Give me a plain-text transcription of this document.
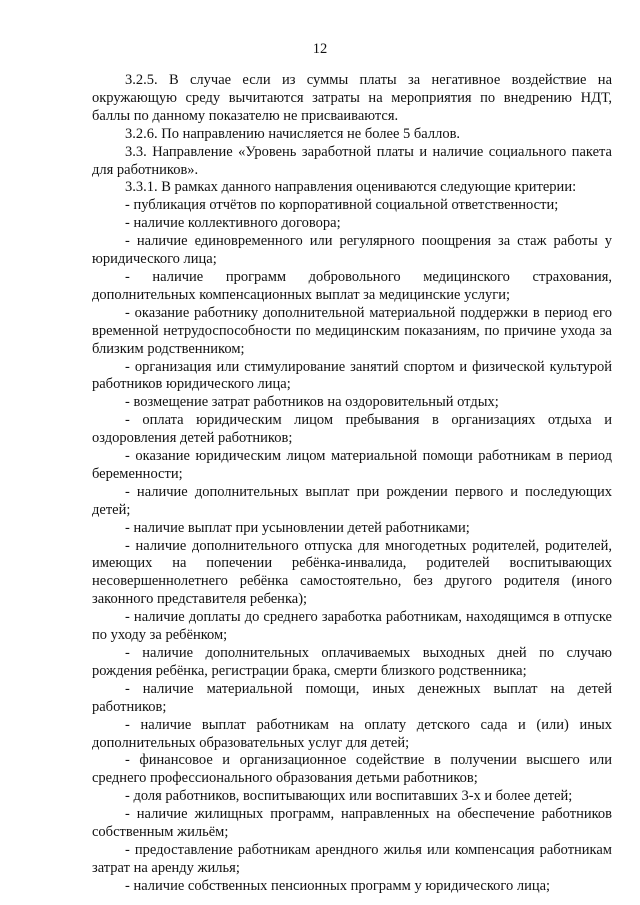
12

3.2.5. В случае если из суммы платы за негативное воздействие на окружающую среду вычитаются затраты на мероприятия по внедрению НДТ, баллы по данному показателю не присваиваются.

3.2.6. По направлению начисляется не более 5 баллов.

3.3. Направление «Уровень заработной платы и наличие социального пакета для работников».

3.3.1. В рамках данного направления оцениваются следующие критерии:

- публикация отчётов по корпоративной социальной ответственности;

- наличие коллективного договора;

- наличие единовременного или регулярного поощрения за стаж работы у юридического лица;

- наличие программ добровольного медицинского страхования, дополнительных компенсационных выплат за медицинские услуги;

- оказание работнику дополнительной материальной поддержки в период его временной нетрудоспособности по медицинским показаниям, по причине ухода за близким родственником;

- организация или стимулирование занятий спортом и физической культурой работников юридического лица;

- возмещение затрат работников на оздоровительный отдых;

- оплата юридическим лицом пребывания в организациях отдыха и оздоровления детей работников;

- оказание юридическим лицом материальной помощи работникам в период беременности;

- наличие дополнительных выплат при рождении первого и последующих детей;

- наличие выплат при усыновлении детей работниками;

- наличие дополнительного отпуска для многодетных родителей, родителей, имеющих на попечении ребёнка-инвалида, родителей воспитывающих несовершеннолетнего ребёнка самостоятельно, без другого родителя (иного законного представителя ребенка);

- наличие доплаты до среднего заработка работникам, находящимся в отпуске по уходу за ребёнком;

- наличие дополнительных оплачиваемых выходных дней по случаю рождения ребёнка, регистрации брака, смерти близкого родственника;

- наличие материальной помощи, иных денежных выплат на детей работников;

- наличие выплат работникам на оплату детского сада и (или) иных дополнительных образовательных услуг для детей;

- финансовое и организационное содействие в получении высшего или среднего профессионального образования детьми работников;

- доля работников, воспитывающих или воспитавших 3-х и более детей;

- наличие жилищных программ, направленных на обеспечение работников собственным жильём;

- предоставление работникам арендного жилья или компенсация работникам затрат на аренду жилья;

- наличие собственных пенсионных программ у юридического лица;
